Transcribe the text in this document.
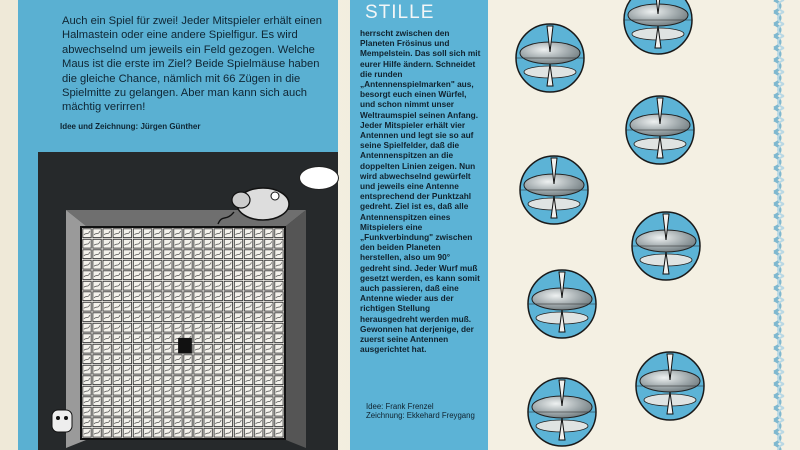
Auch ein Spiel für zwei! Jeder Mitspieler erhält einen Halmastein oder eine andere Spielfigur. Es wird abwechselnd um jeweils ein Feld gezogen. Welche Maus ist die erste im Ziel? Beide Spielmäuse haben die gleiche Chance, nämlich mit 66 Zügen in die Spielmitte zu gelangen. Aber man kann sich auch mächtig verirren!
Idee und Zeichnung: Jürgen Günther
STILLE
herrscht zwischen den Planeten Frösinus und Mempelstein. Das soll sich mit eurer Hilfe ändern. Schneidet die runden „Antennenspielmarken" aus, besorgt euch einen Würfel, und schon nimmt unser Weltraumspiel seinen Anfang. Jeder Mitspieler erhält vier Antennen und legt sie so auf seine Spielfelder, daß die Antennenspitzen an die doppelten Linien zeigen. Nun wird abwechselnd gewürfelt und jeweils eine Antenne entsprechend der Punktzahl gedreht. Ziel ist es, daß alle Antennenspitzen eines Mitspielers eine „Funkverbindung" zwischen den beiden Planeten herstellen, also um 90° gedreht sind. Jeder Wurf muß gesetzt werden, es kann somit auch passieren, daß eine Antenne wieder aus der richtigen Stellung herausgedreht werden muß. Gewonnen hat derjenige, der zuerst seine Antennen ausgerichtet hat.
Idee: Frank Frenzel
Zeichnung: Ekkehard Freygang
